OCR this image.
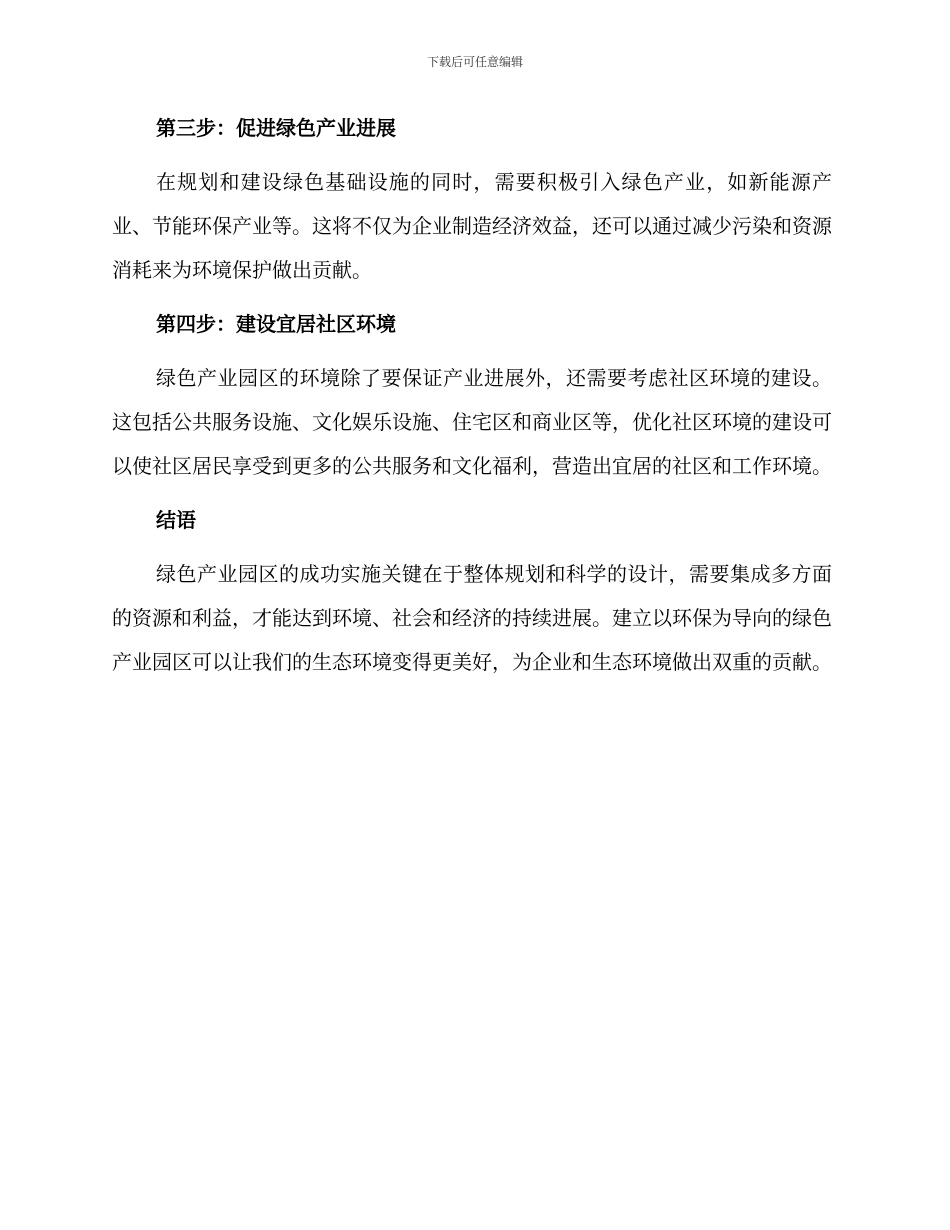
下载后可任意编辑
第三步：促进绿色产业进展

在规划和建设绿色基础设施的同时，需要积极引入绿色产业，如新能源产业、节能环保产业等。这将不仅为企业制造经济效益，还可以通过减少污染和资源消耗来为环境保护做出贡献。

第四步：建设宜居社区环境

绿色产业园区的环境除了要保证产业进展外，还需要考虑社区环境的建设。这包括公共服务设施、文化娱乐设施、住宅区和商业区等，优化社区环境的建设可以使社区居民享受到更多的公共服务和文化福利，营造出宜居的社区和工作环境。

结语

绿色产业园区的成功实施关键在于整体规划和科学的设计，需要集成多方面的资源和利益，才能达到环境、社会和经济的持续进展。建立以环保为导向的绿色产业园区可以让我们的生态环境变得更美好，为企业和生态环境做出双重的贡献。
